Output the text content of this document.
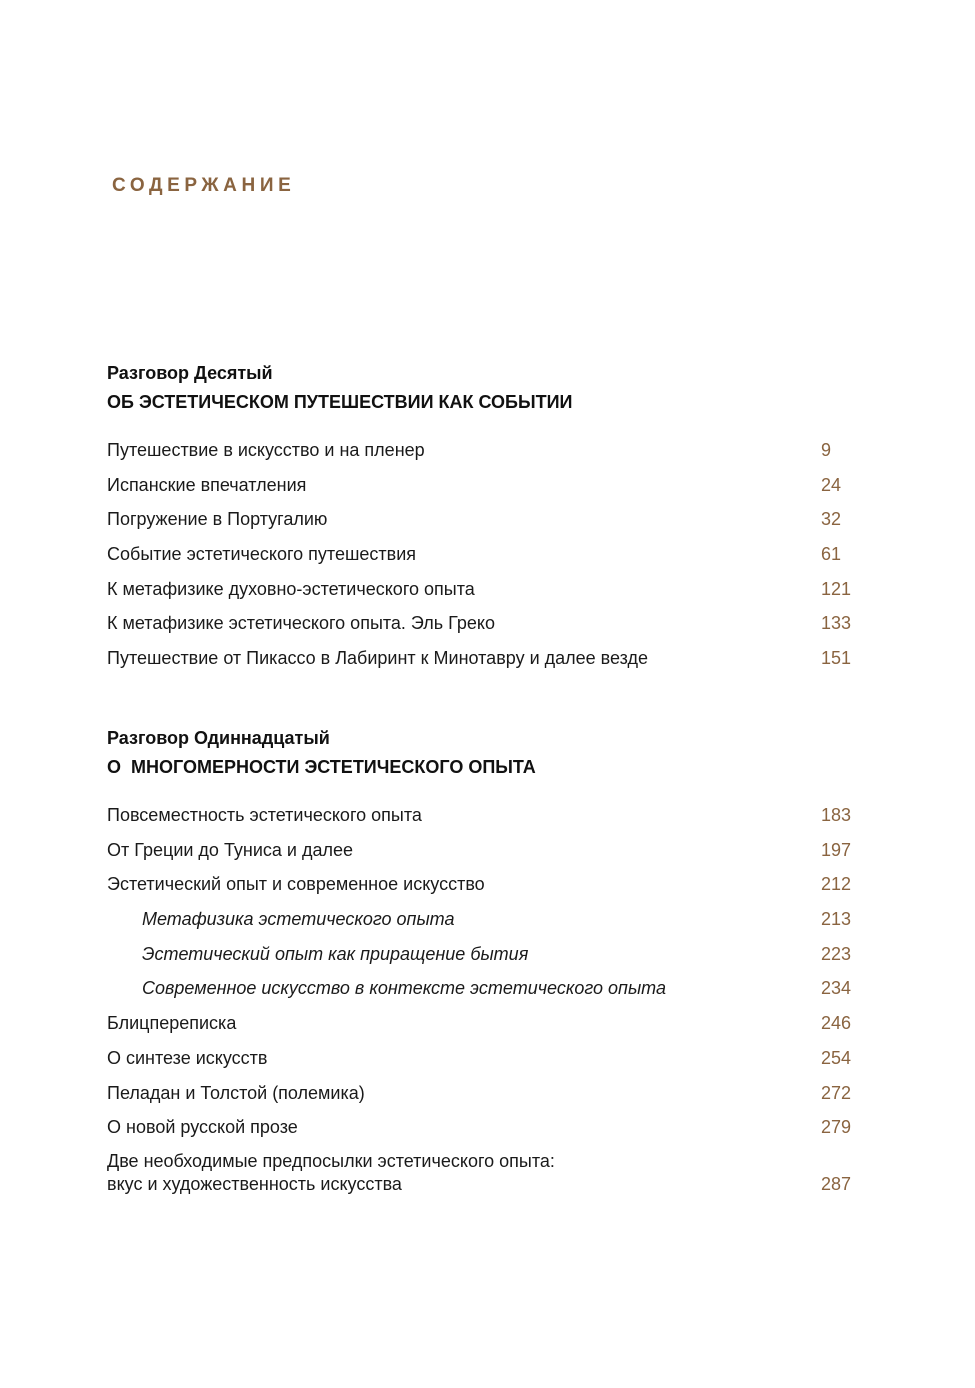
СОДЕРЖАНИЕ
Разговор Десятый
ОБ ЭСТЕТИЧЕСКОМ ПУТЕШЕСТВИИ КАК СОБЫТИИ
Путешествие в искусство и на пленер	9
Испанские впечатления	24
Погружение в Португалию	32
Событие эстетического путешествия	61
К метафизике духовно-эстетического опыта	121
К метафизике эстетического опыта. Эль Греко	133
Путешествие от Пикассо в Лабиринт к Минотавру и далее везде	151
Разговор Одиннадцатый
О  МНОГОМЕРНОСТИ ЭСТЕТИЧЕСКОГО ОПЫТА
Повсеместность эстетического опыта	183
От Греции до Туниса и далее	197
Эстетический опыт и современное искусство	212
Метафизика эстетического опыта	213
Эстетический опыт как приращение бытия	223
Современное искусство в контексте эстетического опыта	234
Блицпереписка	246
О синтезе искусств	254
Пеладан и Толстой (полемика)	272
О новой русской прозе	279
Две необходимые предпосылки эстетического опыта:
вкус и художественность искусства	287
